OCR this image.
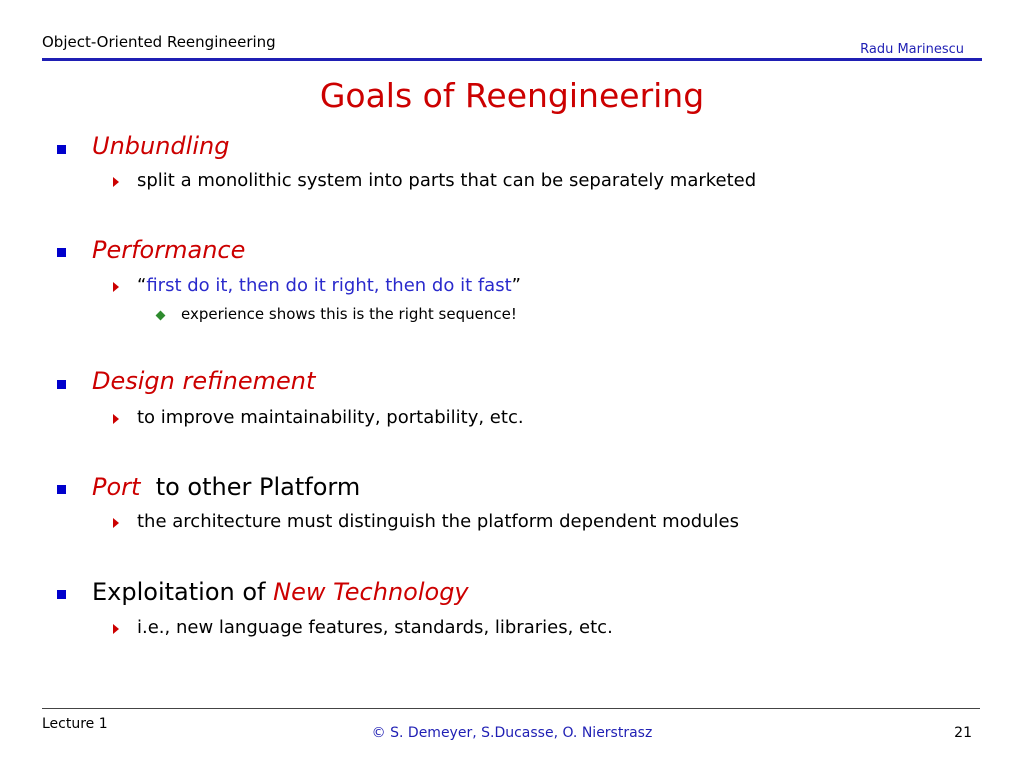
Object-Oriented Reengineering	Radu Marinescu
Goals of Reengineering
Unbundling
split a monolithic system into parts that can be separately marketed
Performance
“first do it, then do it right, then do it fast”
experience shows this is the right sequence!
Design refinement
to improve maintainability, portability, etc.
Port  to other Platform
the architecture must distinguish the platform dependent modules
Exploitation of New Technology
i.e., new language features, standards, libraries, etc.
Lecture 1
© S. Demeyer, S.Ducasse, O. Nierstrasz	21
